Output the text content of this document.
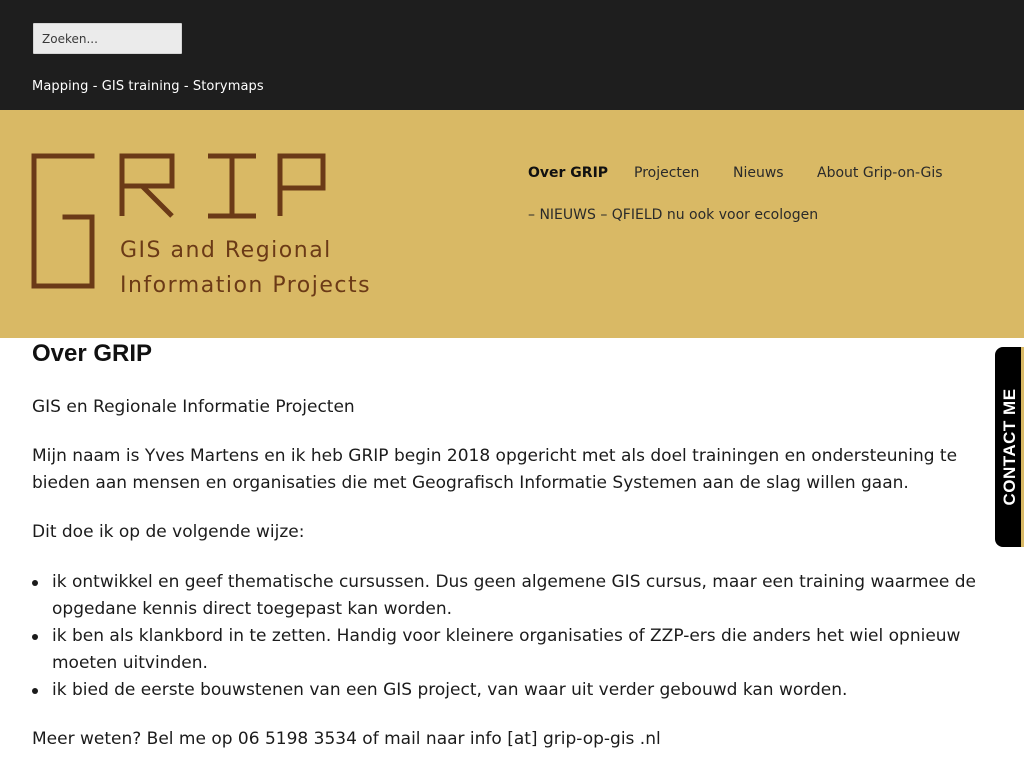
Zoeken...
Mapping - GIS training - Storymaps
GIS and Regional
Information Projects
Over GRIP Projecten Nieuws About Grip-on-Gis
– NIEUWS – QFIELD nu ook voor ecologen
Over GRIP

GIS en Regionale Informatie Projecten

Mijn naam is Yves Martens en ik heb GRIP begin 2018 opgericht met als doel trainingen en ondersteuning te bieden aan mensen en organisaties die met Geografisch Informatie Systemen aan de slag willen gaan.

Dit doe ik op de volgende wijze:

ik ontwikkel en geef thematische cursussen. Dus geen algemene GIS cursus, maar een training waarmee de opgedane kennis direct toegepast kan worden.
ik ben als klankbord in te zetten. Handig voor kleinere organisaties of ZZP-ers die anders het wiel opnieuw moeten uitvinden.
ik bied de eerste bouwstenen van een GIS project, van waar uit verder gebouwd kan worden.

Meer weten? Bel me op 06 5198 3534 of mail naar info [at] grip-op-gis .nl

CONTACT ME
